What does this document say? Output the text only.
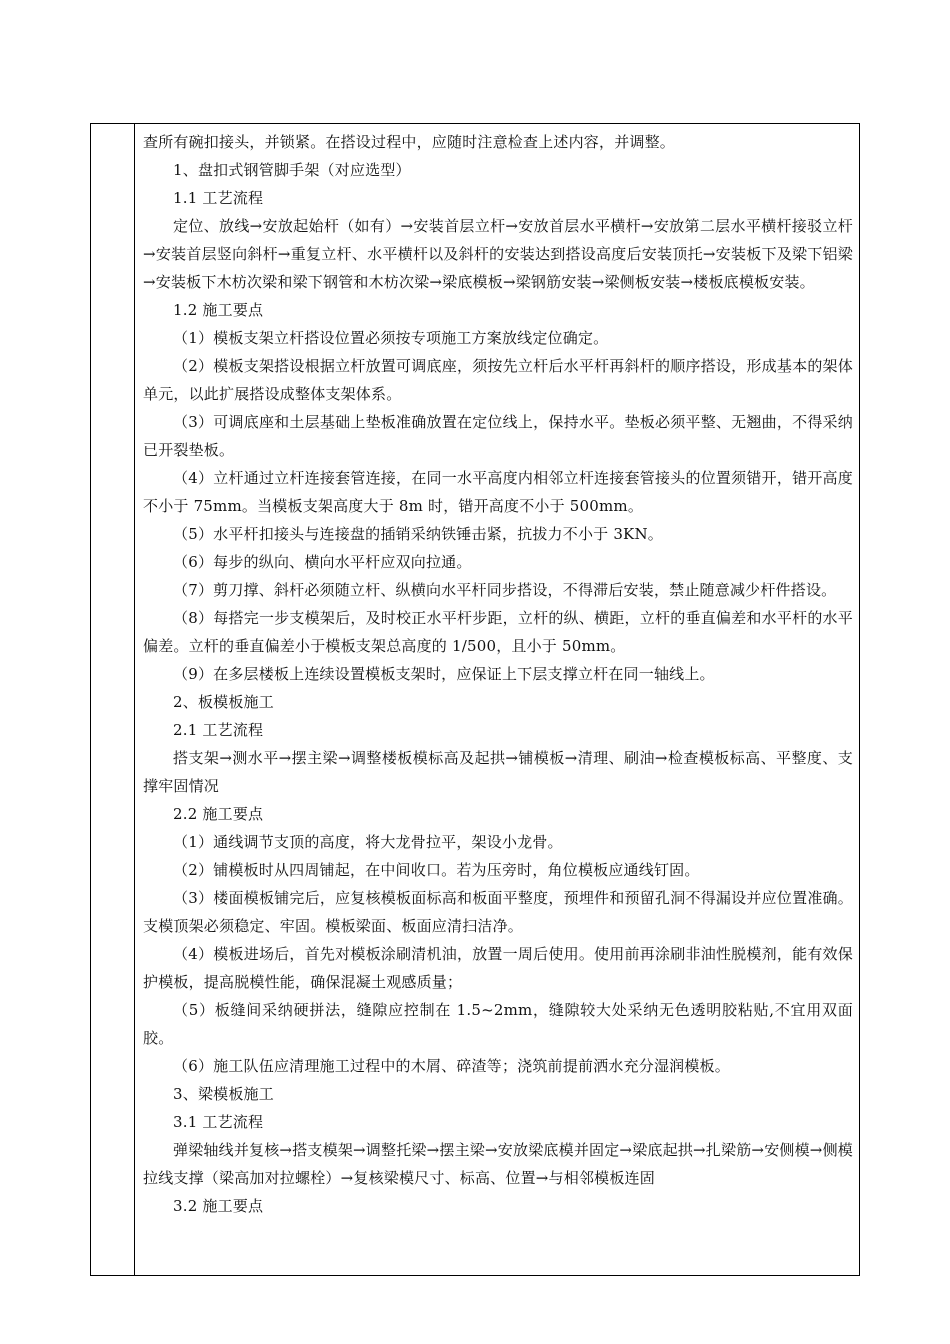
查所有碗扣接头，并锁紧。在搭设过程中，应随时注意检查上述内容，并调整。

1、盘扣式钢管脚手架（对应选型）

1.1 工艺流程

定位、放线→安放起始杆（如有）→安装首层立杆→安放首层水平横杆→安放第二层水平横杆接驳立杆→安装首层竖向斜杆→重复立杆、水平横杆以及斜杆的安装达到搭设高度后安装顶托→安装板下及梁下铝梁→安装板下木枋次梁和梁下钢管和木枋次梁→梁底模板→梁钢筋安装→梁侧板安装→楼板底模板安装。

1.2 施工要点

（1）模板支架立杆搭设位置必须按专项施工方案放线定位确定。

（2）模板支架搭设根据立杆放置可调底座，须按先立杆后水平杆再斜杆的顺序搭设，形成基本的架体单元，以此扩展搭设成整体支架体系。

（3）可调底座和土层基础上垫板准确放置在定位线上，保持水平。垫板必须平整、无翘曲，不得采纳已开裂垫板。

（4）立杆通过立杆连接套管连接，在同一水平高度内相邻立杆连接套管接头的位置须错开，错开高度不小于 75mm。当模板支架高度大于 8m 时，错开高度不小于 500mm。

（5）水平杆扣接头与连接盘的插销采纳铁锤击紧，抗拔力不小于 3KN。

（6）每步的纵向、横向水平杆应双向拉通。

（7）剪刀撑、斜杆必须随立杆、纵横向水平杆同步搭设，不得滞后安装，禁止随意减少杆件搭设。

（8）每搭完一步支模架后，及时校正水平杆步距，立杆的纵、横距，立杆的垂直偏差和水平杆的水平偏差。立杆的垂直偏差小于模板支架总高度的 1/500，且小于 50mm。

（9）在多层楼板上连续设置模板支架时，应保证上下层支撑立杆在同一轴线上。

2、板模板施工

2.1 工艺流程

搭支架→测水平→摆主梁→调整楼板模标高及起拱→铺模板→清理、刷油→检查模板标高、平整度、支撑牢固情况

2.2 施工要点

（1）通线调节支顶的高度，将大龙骨拉平，架设小龙骨。

（2）铺模板时从四周铺起，在中间收口。若为压旁时，角位模板应通线钉固。

（3）楼面模板铺完后，应复核模板面标高和板面平整度，预埋件和预留孔洞不得漏设并应位置准确。支模顶架必须稳定、牢固。模板梁面、板面应清扫洁净。

（4）模板进场后，首先对模板涂刷清机油，放置一周后使用。使用前再涂刷非油性脱模剂，能有效保护模板，提高脱模性能，确保混凝土观感质量；

（5）板缝间采纳硬拼法，缝隙应控制在 1.5~2mm，缝隙较大处采纳无色透明胶粘贴,不宜用双面胶。

（6）施工队伍应清理施工过程中的木屑、碎渣等；浇筑前提前洒水充分湿润模板。

3、梁模板施工

3.1 工艺流程

弹梁轴线并复核→搭支模架→调整托梁→摆主梁→安放梁底模并固定→梁底起拱→扎梁筋→安侧模→侧模拉线支撑（梁高加对拉螺栓）→复核梁模尺寸、标高、位置→与相邻模板连固

3.2 施工要点
